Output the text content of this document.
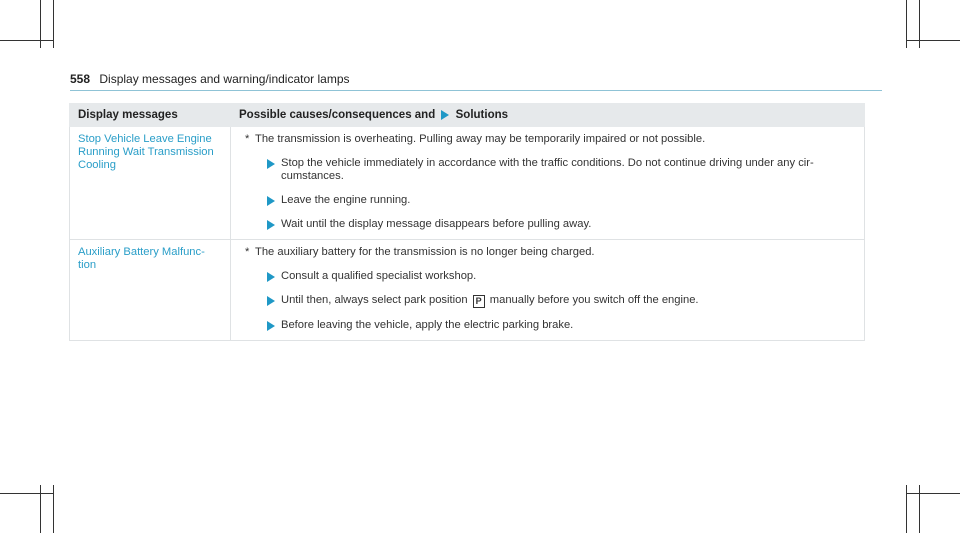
558 Display messages and warning/indicator lamps
Display messages	Possible causes/consequences and Solutions
Stop Vehicle Leave Engine Running Wait Transmission Cooling	* The transmission is overheating. Pulling away may be temporarily impaired or not possible.
Stop the vehicle immediately in accordance with the traffic conditions. Do not continue driving under any cir-cumstances.
Leave the engine running.
Wait until the display message disappears before pulling away.

Auxiliary Battery Malfunc-tion	* The auxiliary battery for the transmission is no longer being charged.
Consult a qualified specialist workshop.
Until then, always select park position P manually before you switch off the engine.
Before leaving the vehicle, apply the electric parking brake.
